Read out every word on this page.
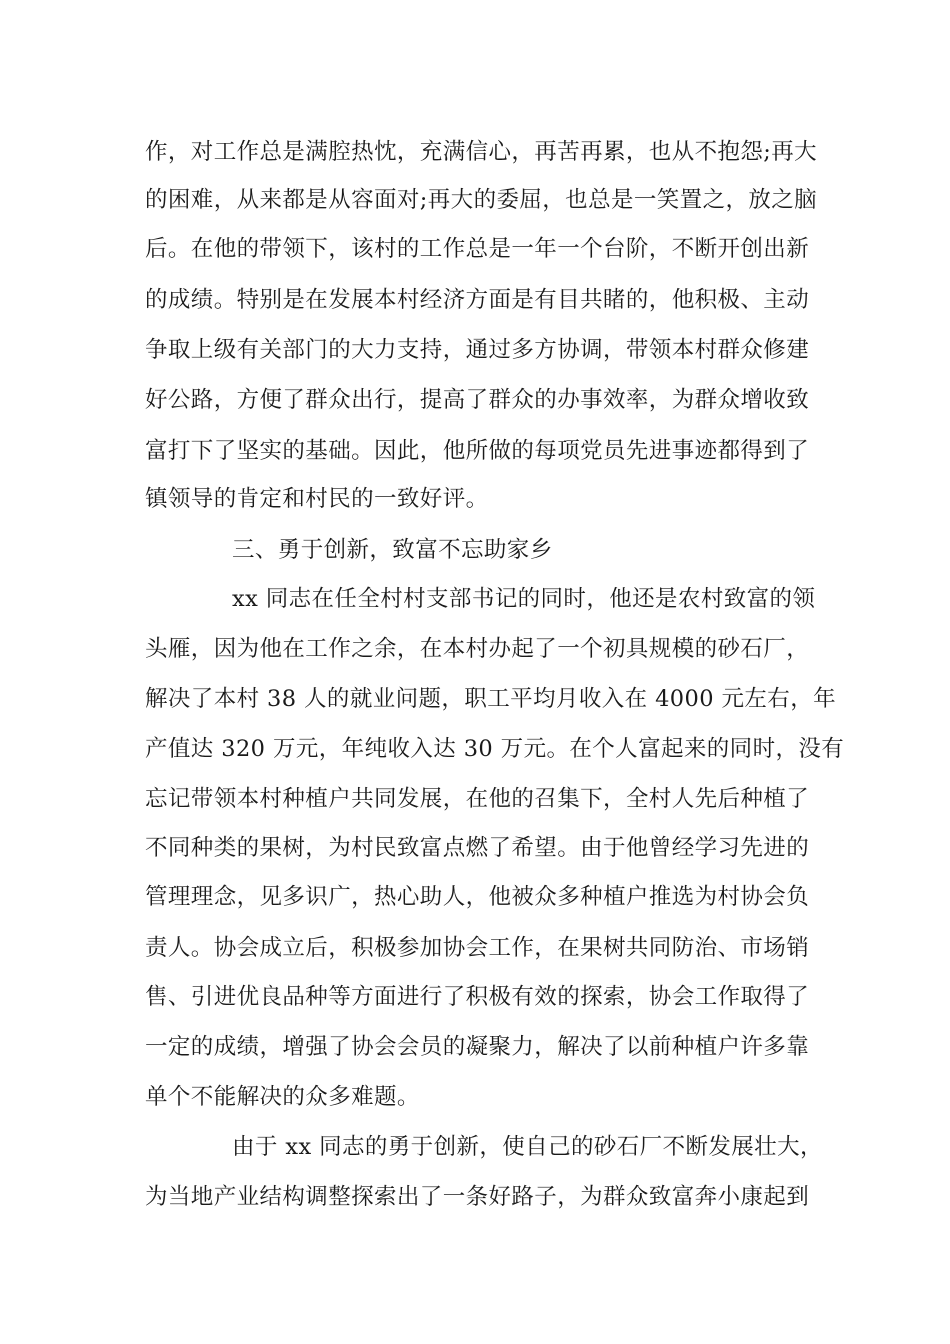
作，对工作总是满腔热忱，充满信心，再苦再累，也从不抱怨;再大
的困难，从来都是从容面对;再大的委屈，也总是一笑置之，放之脑
后。在他的带领下，该村的工作总是一年一个台阶，不断开创出新
的成绩。特别是在发展本村经济方面是有目共睹的，他积极、主动
争取上级有关部门的大力支持，通过多方协调，带领本村群众修建
好公路，方便了群众出行，提高了群众的办事效率，为群众增收致
富打下了坚实的基础。因此，他所做的每项党员先进事迹都得到了
镇领导的肯定和村民的一致好评。
三、勇于创新，致富不忘助家乡
xx 同志在任全村村支部书记的同时，他还是农村致富的领
头雁，因为他在工作之余，在本村办起了一个初具规模的砂石厂，
解决了本村 38 人的就业问题，职工平均月收入在 4000 元左右，年
产值达 320 万元，年纯收入达 30 万元。在个人富起来的同时，没有
忘记带领本村种植户共同发展，在他的召集下，全村人先后种植了
不同种类的果树，为村民致富点燃了希望。由于他曾经学习先进的
管理理念，见多识广，热心助人，他被众多种植户推选为村协会负
责人。协会成立后，积极参加协会工作，在果树共同防治、市场销
售、引进优良品种等方面进行了积极有效的探索，协会工作取得了
一定的成绩，增强了协会会员的凝聚力，解决了以前种植户许多靠
单个不能解决的众多难题。
由于 xx 同志的勇于创新，使自己的砂石厂不断发展壮大，
为当地产业结构调整探索出了一条好路子，为群众致富奔小康起到
